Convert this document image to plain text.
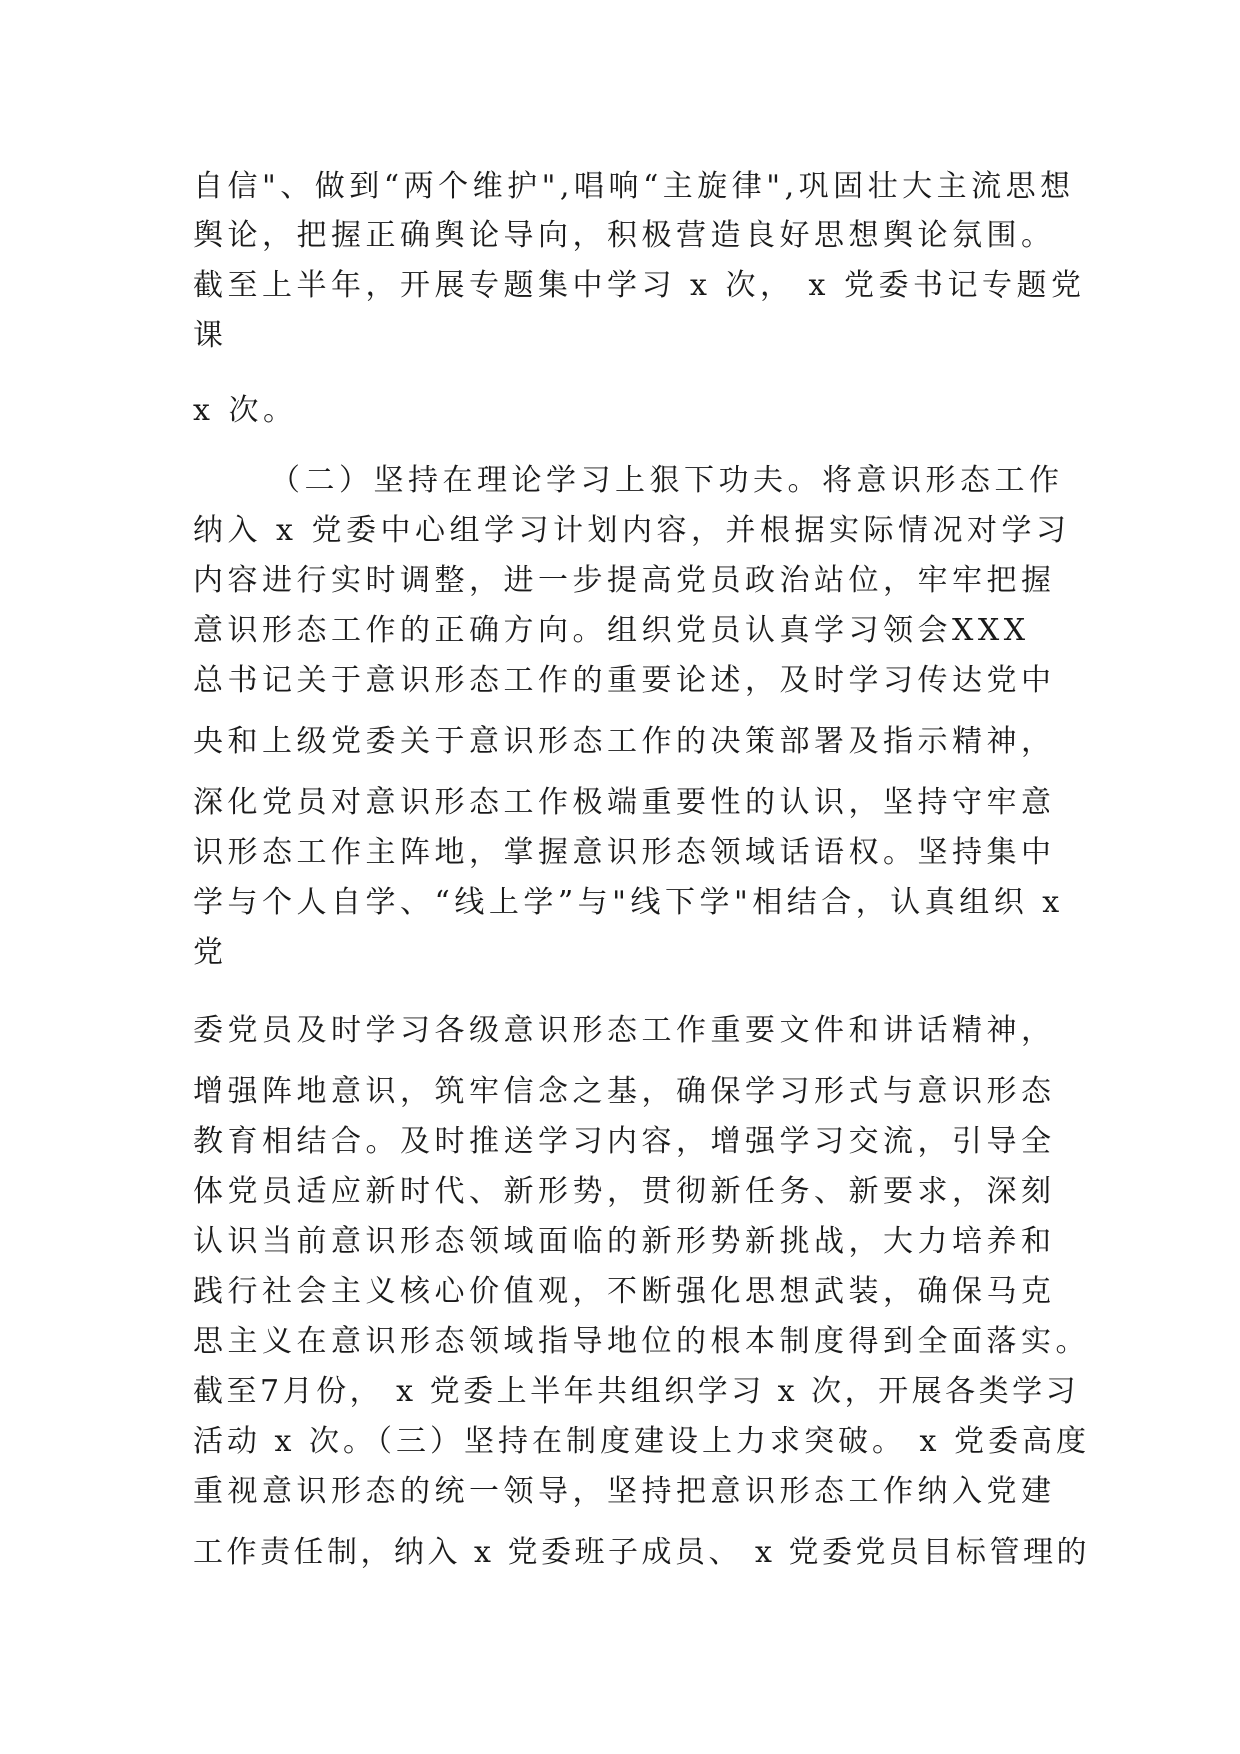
自信"、做到“两个维护",唱响“主旋律",巩固壮大主流思想
舆论，把握正确舆论导向，积极营造良好思想舆论氛围。
截至上半年，开展专题集中学习 x 次， x 党委书记专题党
课
x 次。
（二）坚持在理论学习上狠下功夫。将意识形态工作
纳入 x 党委中心组学习计划内容，并根据实际情况对学习
内容进行实时调整，进一步提高党员政治站位，牢牢把握
意识形态工作的正确方向。组织党员认真学习领会XXX
总书记关于意识形态工作的重要论述，及时学习传达党中
央和上级党委关于意识形态工作的决策部署及指示精神，
深化党员对意识形态工作极端重要性的认识，坚持守牢意
识形态工作主阵地，掌握意识形态领域话语权。坚持集中
学与个人自学、“线上学”与"线下学"相结合，认真组织 x
党
委党员及时学习各级意识形态工作重要文件和讲话精神，
增强阵地意识，筑牢信念之基，确保学习形式与意识形态
教育相结合。及时推送学习内容，增强学习交流，引导全
体党员适应新时代、新形势，贯彻新任务、新要求，深刻
认识当前意识形态领域面临的新形势新挑战，大力培养和
践行社会主义核心价值观，不断强化思想武装，确保马克
思主义在意识形态领域指导地位的根本制度得到全面落实。
截至7月份， x 党委上半年共组织学习 x 次，开展各类学习
活动 x 次。（三）坚持在制度建设上力求突破。 x 党委高度
重视意识形态的统一领导，坚持把意识形态工作纳入党建
工作责任制，纳入 x 党委班子成员、 x 党委党员目标管理的
